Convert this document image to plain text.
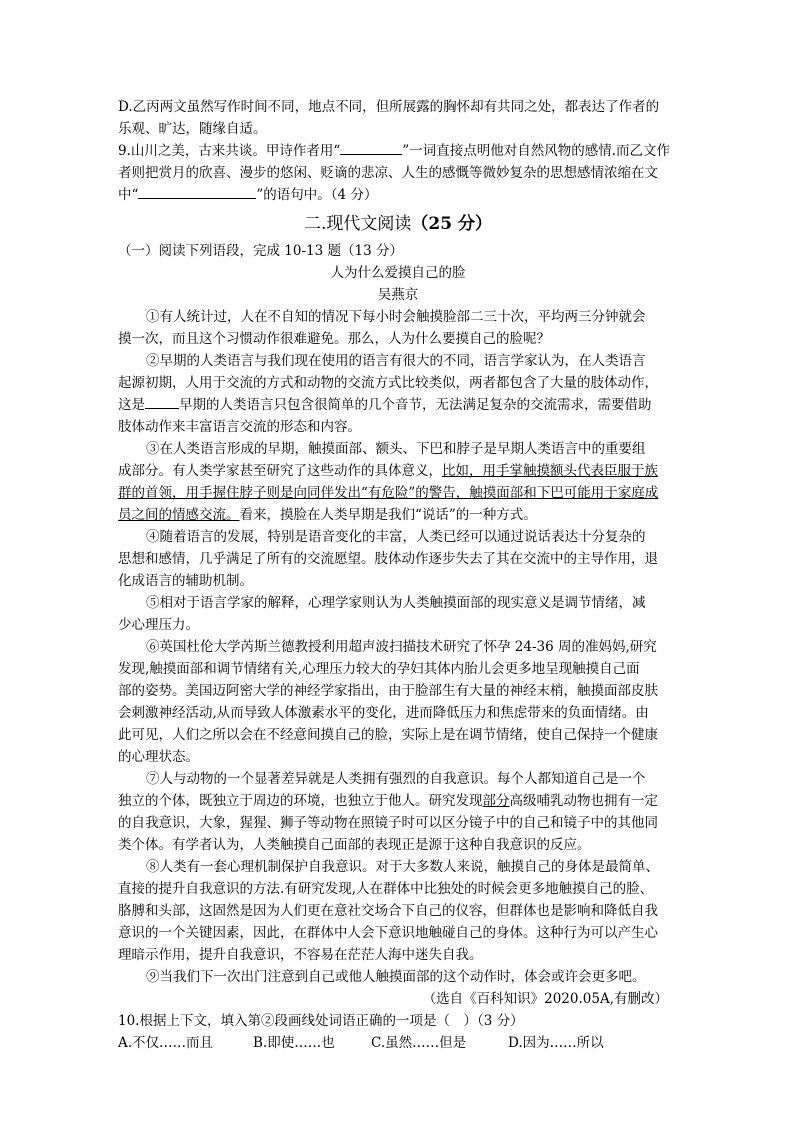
D.乙丙两文虽然写作时间不同，地点不同，但所展露的胸怀却有共同之处，都表达了作者的

乐观、旷达，随缘自适。

9.山川之美，古来共谈。甲诗作者用“	”一词直接点明他对自然风物的感情.而乙文作

者则把赏月的欣喜、漫步的悠闲、贬谪的悲凉、人生的感慨等微妙复杂的思想感情浓缩在文

中“	”的语句中。（4 分）

二.现代文阅读（25 分）

（一）阅读下列语段，完成 10-13 题（13 分）

人为什么爱摸自己的脸

吴燕京

①有人统计过，人在不自知的情况下每小时会触摸脸部二三十次，平均两三分钟就会

摸一次，而且这个习惯动作很难避免。那么，人为什么要摸自己的脸呢？

②早期的人类语言与我们现在使用的语言有很大的不同，语言学家认为，在人类语言

起源初期，人用于交流的方式和动物的交流方式比较类似，两者都包含了大量的肢体动作，

这是	早期的人类语言只包含很简单的几个音节，无法满足复杂的交流需求，需要借助

肢体动作来丰富语言交流的形态和内容。

③在人类语言形成的早期，触摸面部、额头、下巴和脖子是早期人类语言中的重要组

成部分。有人类学家甚至研究了这些动作的具体意义，比如，用手掌触摸额头代表臣服于族

群的首领，用手握住脖子则是向同伴发出“有危险”的警告，触摸面部和下巴可能用于家庭成

员之间的情感交流。看来，摸脸在人类早期是我们“说话”的一种方式。

④随着语言的发展，特别是语音变化的丰富，人类已经可以通过说话表达十分复杂的

思想和感情，几乎满足了所有的交流愿望。肢体动作逐步失去了其在交流中的主导作用，退

化成语言的辅助机制。

⑤相对于语言学家的解释，心理学家则认为人类触摸面部的现实意义是调节情绪，减

少心理压力。

⑥英国杜伦大学芮斯兰德教授利用超声波扫描技术研究了怀孕 24-36 周的准妈妈,研究

发现,触摸面部和调节情绪有关,心理压力较大的孕妇其体内胎儿会更多地呈现触摸自己面

部的姿势。美国迈阿密大学的神经学家指出，由于脸部生有大量的神经末梢，触摸面部皮肤

会刺激神经活动,从而导致人体激素水平的变化，进而降低压力和焦虑带来的负面情绪。由

此可见，人们之所以会在不经意间摸自己的脸，实际上是在调节情绪，使自己保持一个健康

的心理状态。

⑦人与动物的一个显著差异就是人类拥有强烈的自我意识。每个人都知道自己是一个

独立的个体，既独立于周边的环境，也独立于他人。研究发现部分高级哺乳动物也拥有一定

的自我意识，大象，猩猩、狮子等动物在照镜子时可以区分镜子中的自己和镜子中的其他同

类个体。有学者认为，人类触摸自己面部的表现正是源于这种自我意识的反应。

⑧人类有一套心理机制保护自我意识。对于大多数人来说，触摸自己的身体是最简单、

直接的提升自我意识的方法.有研究发现,人在群体中比独处的时候会更多地触摸自己的脸、

胳膊和头部，这固然是因为人们更在意社交场合下自己的仪容，但群体也是影响和降低自我

意识的一个关键因素，因此，在群体中人会下意识地触碰自己的身体。这种行为可以产生心

理暗示作用，提升自我意识，不容易在茫茫人海中迷失自我。

⑨当我们下一次出门注意到自己或他人触摸面部的这个动作时，体会或许会更多吧。

（选自《百科知识》2020.05A,有删改）

10.根据上下文，填入第②段画线处词语正确的一项是（　）（3 分）

A.不仅……而且	B.即使……也	C.虽然……但是	D.因为……所以
